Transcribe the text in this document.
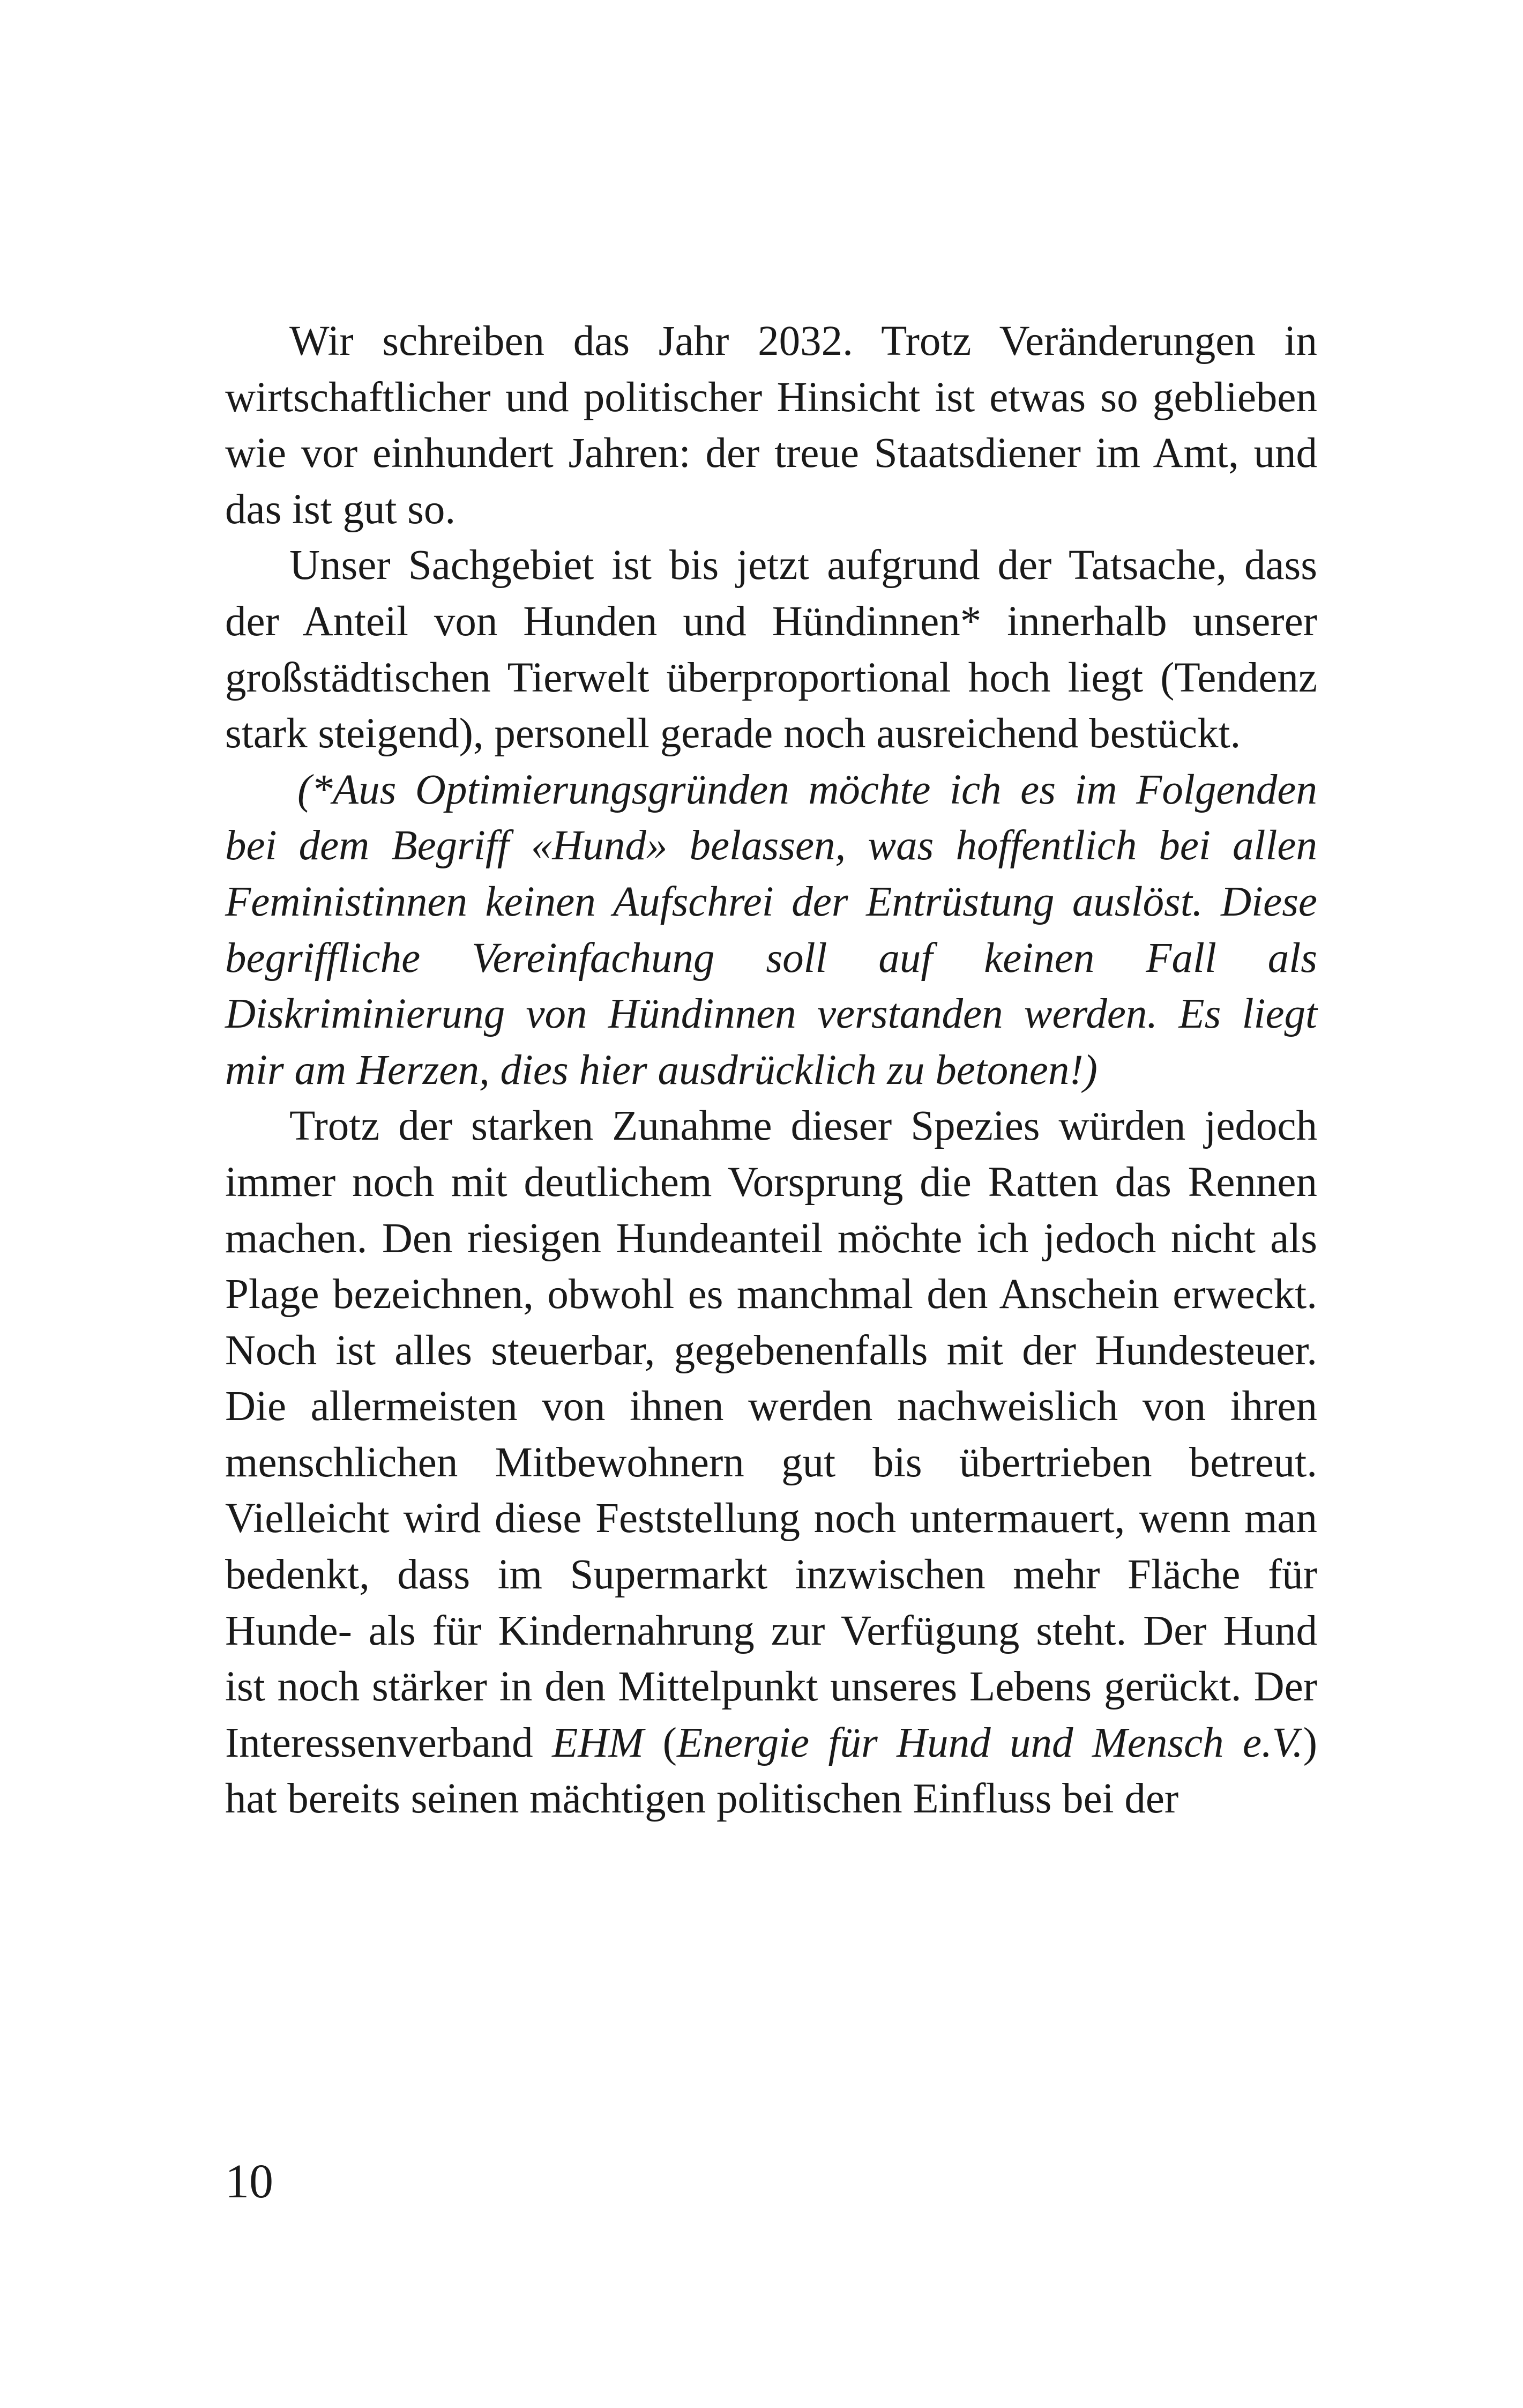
Wir schreiben das Jahr 2032. Trotz Veränderungen in wirtschaftlicher und politischer Hinsicht ist etwas so geblieben wie vor einhundert Jahren: der treue Staatsdiener im Amt, und das ist gut so.

Unser Sachgebiet ist bis jetzt aufgrund der Tatsache, dass der Anteil von Hunden und Hündinnen* innerhalb unserer großstädtischen Tierwelt überproportional hoch liegt (Tendenz stark steigend), personell gerade noch ausreichend bestückt.

(*Aus Optimierungsgründen möchte ich es im Folgenden bei dem Begriff «Hund» belassen, was hoffentlich bei allen Feministinnen keinen Aufschrei der Entrüstung auslöst. Diese begriffliche Vereinfachung soll auf keinen Fall als Diskriminierung von Hündinnen verstanden werden. Es liegt mir am Herzen, dies hier ausdrücklich zu betonen!)

Trotz der starken Zunahme dieser Spezies würden jedoch immer noch mit deutlichem Vorsprung die Ratten das Rennen machen. Den riesigen Hundeanteil möchte ich jedoch nicht als Plage bezeichnen, obwohl es manchmal den Anschein erweckt. Noch ist alles steuerbar, gegebenenfalls mit der Hundesteuer. Die allermeisten von ihnen werden nachweislich von ihren menschlichen Mitbewohnern gut bis übertrieben betreut. Vielleicht wird diese Feststellung noch untermauert, wenn man bedenkt, dass im Supermarkt inzwischen mehr Fläche für Hunde- als für Kindernahrung zur Verfügung steht. Der Hund ist noch stärker in den Mittelpunkt unseres Lebens gerückt. Der Interessenverband EHM (Energie für Hund und Mensch e.V.) hat bereits seinen mächtigen politischen Einfluss bei der

10
